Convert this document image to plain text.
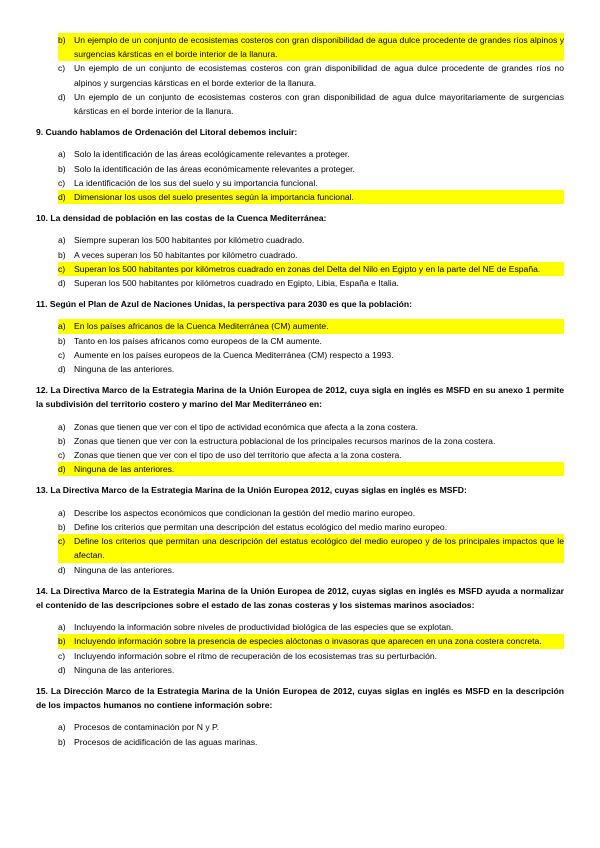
b) Un ejemplo de un conjunto de ecosistemas costeros con gran disponibilidad de agua dulce procedente de grandes ríos alpinos y surgencias kársticas en el borde interior de la llanura.
c)	Un ejemplo de un conjunto de ecosistemas costeros con gran disponibilidad de agua dulce procedente de grandes ríos no alpinos y surgencias kársticas en el borde exterior de la llanura.
d) Un ejemplo de un conjunto de ecosistemas costeros con gran disponibilidad de agua dulce mayoritariamente de surgencias kársticas en el borde interior de la llanura.
9. Cuando hablamos de Ordenación del Litoral debemos incluir:
a) Solo la identificación de las áreas ecológicamente relevantes a proteger.
b) Solo la identificación de las áreas económicamente relevantes a proteger.
c)	La identificación de los sus del suelo y su importancia funcional.
d) Dimensionar los usos del suelo presentes según la importancia funcional.
10. La densidad de población en las costas de la Cuenca Mediterránea:
a) Siempre superan los 500 habitantes por kilómetro cuadrado.
b) A veces superan los 50 habitantes por kilómetro cuadrado.
c)	Superan los 500 habitantes por kilómetros cuadrado en zonas del Delta del Nilo en Egipto y en la parte del NE de España.
d) Superan los 500 habitantes por kilómetros cuadrado en Egipto, Libia, España e Italia.
11. Según el Plan de Azul de Naciones Unidas, la perspectiva para 2030 es que la población:
a) En los países africanos de la Cuenca Mediterránea (CM) aumente.
b) Tanto en los países africanos como europeos de la CM aumente.
c)	Aumente en los países europeos de la Cuenca Mediterránea (CM) respecto a 1993.
d) Ninguna de las anteriores.
12. La Directiva Marco de la Estrategia Marina de la Unión Europea de 2012, cuya sigla en inglés es MSFD en su anexo 1 permite la subdivisión del territorio costero y marino del Mar Mediterráneo en:
a) Zonas que tienen que ver con el tipo de actividad económica que afecta a la zona costera.
b) Zonas que tienen que ver con la estructura poblacional de los principales recursos marinos de la zona costera.
c)	Zonas que tienen que ver con el tipo de uso del territorio que afecta a la zona costera.
d) Ninguna de las anteriores.
13. La Directiva Marco de la Estrategia Marina de la Unión Europea 2012, cuyas siglas en inglés es MSFD:
a) Describe los aspectos económicos que condicionan la gestión del medio marino europeo.
b) Define los criterios que permitan una descripción del estatus ecológico del medio marino europeo.
c)	Define los criterios que permitan una descripción del estatus ecológico del medio europeo y de los principales impactos que le afectan.
d) Ninguna de las anteriores.
14. La Directiva Marco de la Estrategia Marina de la Unión Europea de 2012, cuyas siglas en inglés es MSFD ayuda a normalizar el contenido de las descripciones sobre el estado de las zonas costeras y los sistemas marinos asociados:
a) Incluyendo la información sobre niveles de productividad biológica de las especies que se explotan.
b) Incluyendo información sobre la presencia de especies alóctonas o invasoras que aparecen en una zona costera concreta.
c)	Incluyendo información sobre el ritmo de recuperación de los ecosistemas tras su perturbación.
d) Ninguna de las anteriores.
15. La Dirección Marco de la Estrategia Marina de la Unión Europea de 2012, cuyas siglas en inglés es MSFD en la descripción de los impactos humanos no contiene información sobre:
a) Procesos de contaminación por N y P.
b) Procesos de acidificación de las aguas marinas.
